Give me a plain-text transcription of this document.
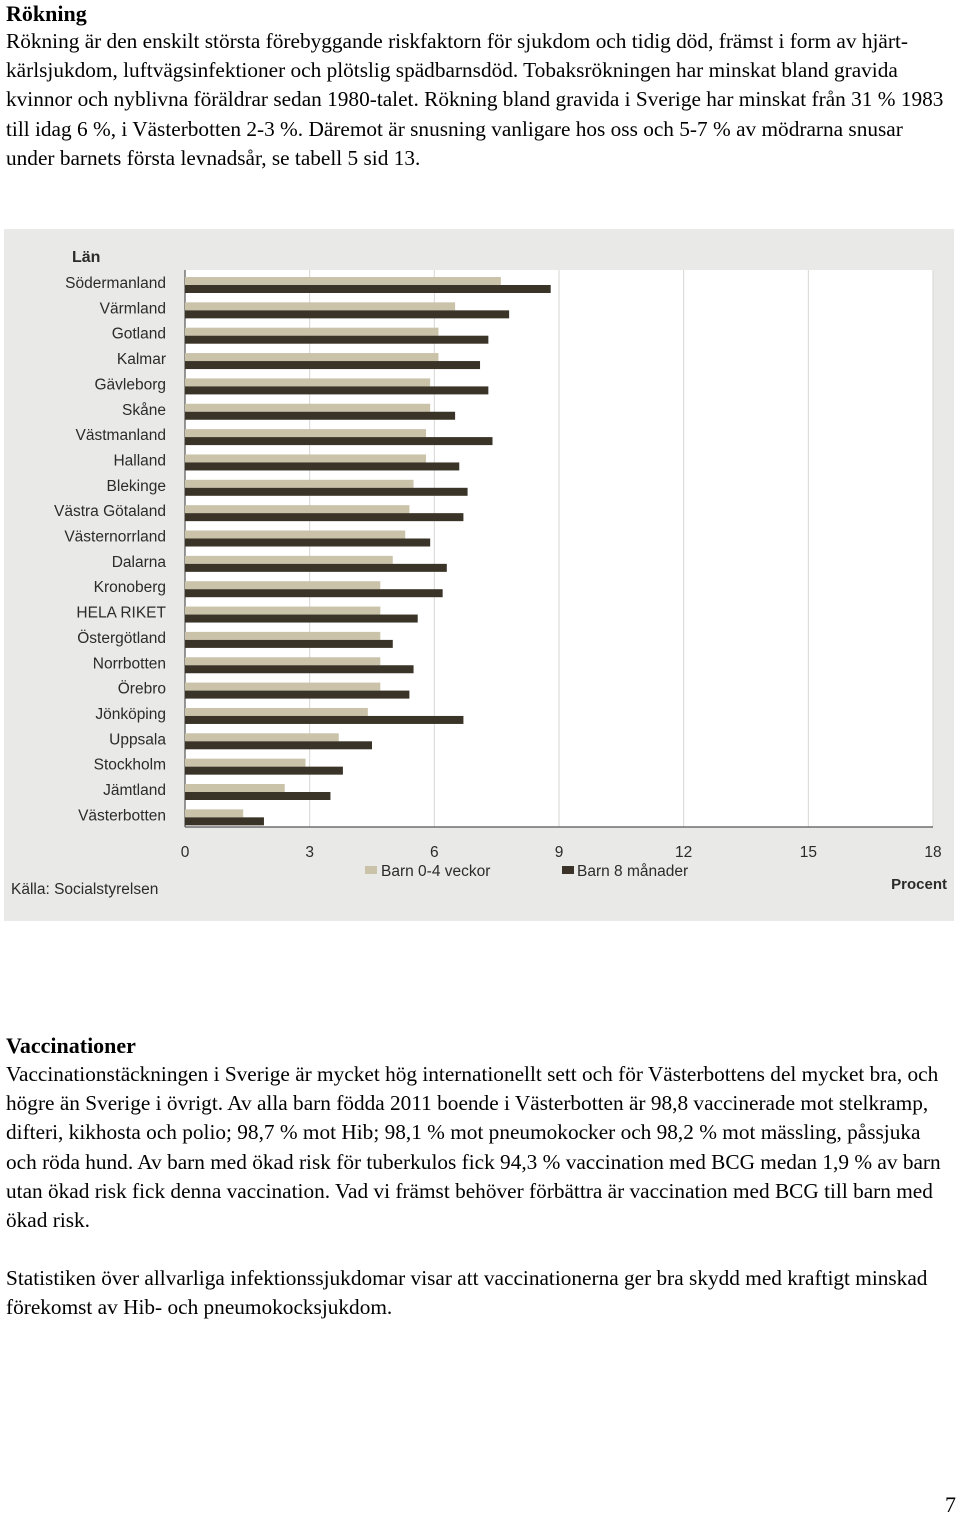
Rökning

Rökning är den enskilt största förebyggande riskfaktorn för sjukdom och tidig död, främst i form av hjärt-kärlsjukdom, luftvägsinfektioner och plötslig spädbarnsdöd. Tobaksrökningen har minskat bland gravida kvinnor och nyblivna föräldrar sedan 1980-talet. Rökning bland gravida i Sverige har minskat från 31 % 1983 till idag 6 %, i Västerbotten 2-3 %. Däremot är snusning vanligare hos oss och 5-7 % av mödrarna snusar under barnets första levnadsår, se tabell 5 sid 13.

Södermanland
Värmland
Gotland
Kalmar
Gävleborg
Skåne
Västmanland
Halland
Blekinge
Västra Götaland
Västernorrland
Dalarna
Kronoberg
HELA RIKET
Östergötland
Norrbotten
Örebro
Jönköping
Uppsala
Stockholm
Jämtland
Västerbotten
0	3	6	9	12	15	18
Län
Barn 0-4 veckor	Barn 8 månader
Procent
Källa: Socialstyrelsen
Vaccinationer

Vaccinationstäckningen i Sverige är mycket hög internationellt sett och för Västerbottens del mycket bra, och högre än Sverige i övrigt. Av alla barn födda 2011 boende i Västerbotten är 98,8 vaccinerade mot stelkramp, difteri, kikhosta och polio; 98,7 % mot Hib; 98,1 % mot pneumokocker och 98,2 % mot mässling, påssjuka och röda hund. Av barn med ökad risk för tuberkulos fick 94,3 % vaccination med BCG medan 1,9 % av barn utan ökad risk fick denna vaccination. Vad vi främst behöver förbättra är vaccination med BCG till barn med ökad risk.

Statistiken över allvarliga infektionssjukdomar visar att vaccinationerna ger bra skydd med kraftigt minskad förekomst av Hib- och pneumokocksjukdom.

7
